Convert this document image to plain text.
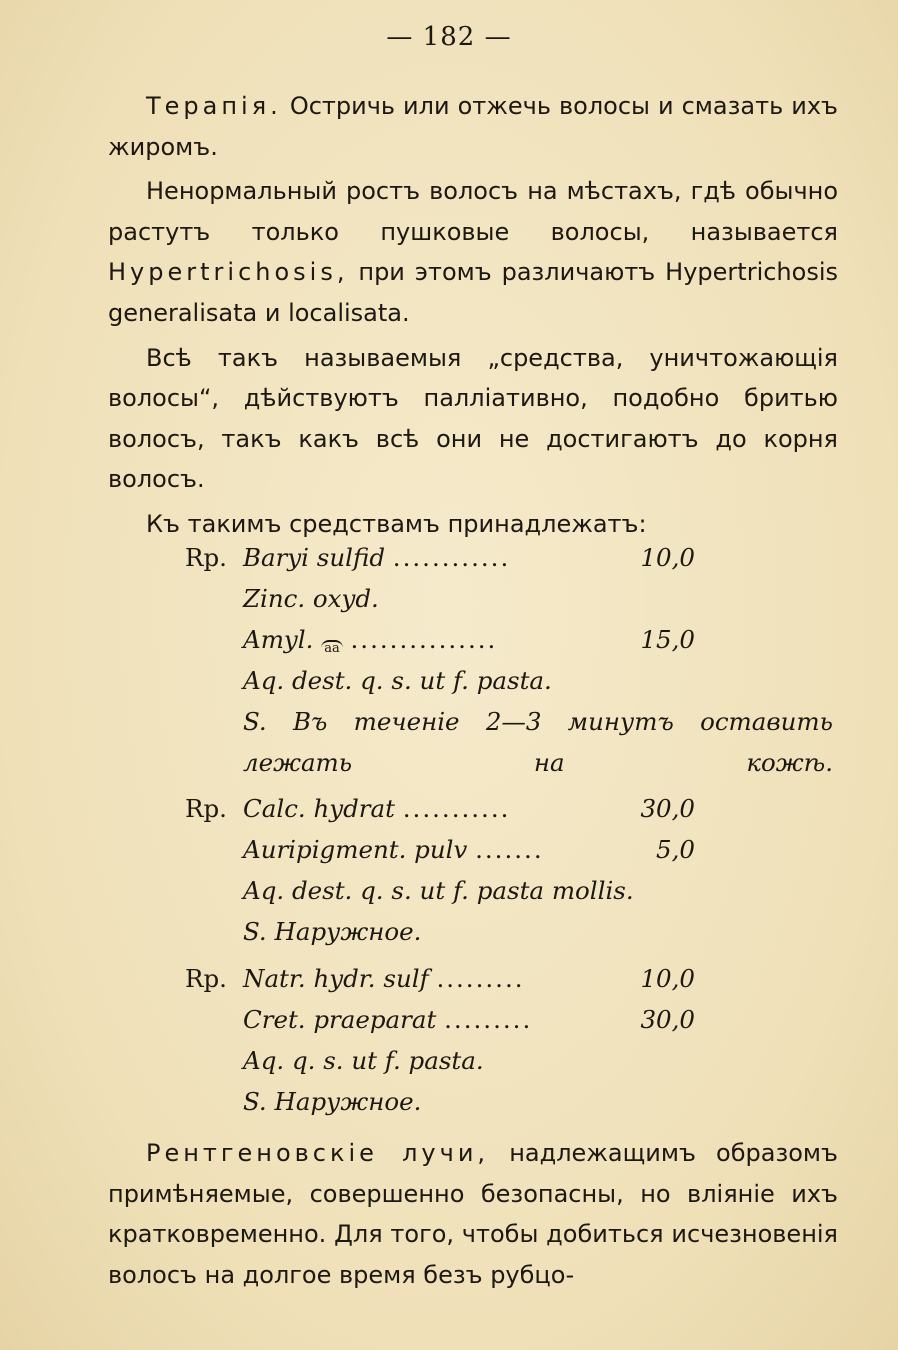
— 182 —

Терапія. Остричь или отжечь волосы и смазать ихъ жиромъ.

Ненормальный ростъ волосъ на мѣстахъ, гдѣ обычно растутъ только пушковые волосы, называется Hypertrichosis, при этомъ различаютъ Hypertrichosis generalisata и localisata.

Всѣ такъ называемыя „средства, уничтожающія волосы“, дѣйствуютъ паллiативно, подобно бритью волосъ, такъ какъ всѣ они не достигаютъ до корня волосъ.

Къ такимъ средствамъ принадлежатъ:

Rp. Baryi sulfid ............	10,0
Zinc. oxyd.
Amyl. aa ...............	15,0
Aq. dest. q. s. ut f. pasta.
S. Въ теченіе 2—3 минутъ оставить лежать на кожѣ.
Rp. Calc. hydrat ...........	30,0
Auripigment. pulv .......	5,0
Aq. dest. q. s. ut f. pasta mollis.
S. Наружное.
Rp. Natr. hydr. sulf .........	10,0
Cret. praeparat .........	30,0
Aq. q. s. ut f. pasta.
S. Наружное.

Рентгеновскіе лучи, надлежащимъ образомъ примѣняемые, совершенно безопасны, но вліяніе ихъ кратковременно. Для того, чтобы добиться исчезновенія волосъ на долгое время безъ рубцо-
